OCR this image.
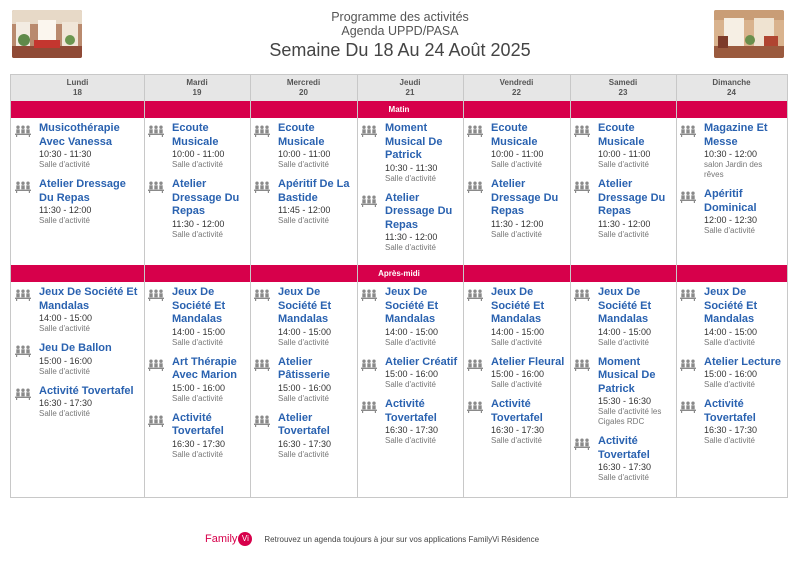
Programme des activités
Agenda UPPD/PASA
Semaine Du 18 Au 24 Août 2025
Lundi
18
Mardi
19
Mercredi
20
Jeudi
21
Vendredi
22
Samedi
23
Dimanche
24
Matin
Après-midi
Musicothérapie Avec Vanessa
10:30 - 11:30
Salle d'activité
Atelier Dressage Du Repas
11:30 - 12:00
Salle d'activité
Ecoute Musicale
10:00 - 11:00
Salle d'activité
Atelier Dressage Du Repas
11:30 - 12:00
Salle d'activité
Ecoute Musicale
10:00 - 11:00
Salle d'activité
Apéritif De La Bastide
11:45 - 12:00
Salle d'activité
Moment Musical De Patrick
10:30 - 11:30
Salle d'activité
Atelier Dressage Du Repas
11:30 - 12:00
Salle d'activité
Ecoute Musicale
10:00 - 11:00
Salle d'activité
Atelier Dressage Du Repas
11:30 - 12:00
Salle d'activité
Ecoute Musicale
10:00 - 11:00
Salle d'activité
Atelier Dressage Du Repas
11:30 - 12:00
Salle d'activité
Magazine Et Messe
10:30 - 12:00
salon Jardin des rêves
Apéritif Dominical
12:00 - 12:30
Salle d'activité
Jeux De Société Et Mandalas
14:00 - 15:00
Salle d'activité
Jeu De Ballon
15:00 - 16:00
Salle d'activité
Activité Tovertafel
16:30 - 17:30
Salle d'activité
Jeux De Société Et Mandalas
14:00 - 15:00
Salle d'activité
Art Thérapie Avec Marion
15:00 - 16:00
Salle d'activité
Activité Tovertafel
16:30 - 17:30
Salle d'activité
Jeux De Société Et Mandalas
14:00 - 15:00
Salle d'activité
Atelier Pâtisserie
15:00 - 16:00
Salle d'activité
Atelier Tovertafel
16:30 - 17:30
Salle d'activité
Jeux De Société Et Mandalas
14:00 - 15:00
Salle d'activité
Atelier Créatif
15:00 - 16:00
Salle d'activité
Activité Tovertafel
16:30 - 17:30
Salle d'activité
Jeux De Société Et Mandalas
14:00 - 15:00
Salle d'activité
Atelier Fleural
15:00 - 16:00
Salle d'activité
Activité Tovertafel
16:30 - 17:30
Salle d'activité
Jeux De Société Et Mandalas
14:00 - 15:00
Salle d'activité
Moment Musical De Patrick
15:30 - 16:30
Salle d'activité les Cigales RDC
Activité Tovertafel
16:30 - 17:30
Salle d'activité
Jeux De Société Et Mandalas
14:00 - 15:00
Salle d'activité
Atelier Lecture
15:00 - 16:00
Salle d'activité
Activité Tovertafel
16:30 - 17:30
Salle d'activité
Family Vi	Retrouvez un agenda toujours à jour sur vos applications FamilyVi Résidence
